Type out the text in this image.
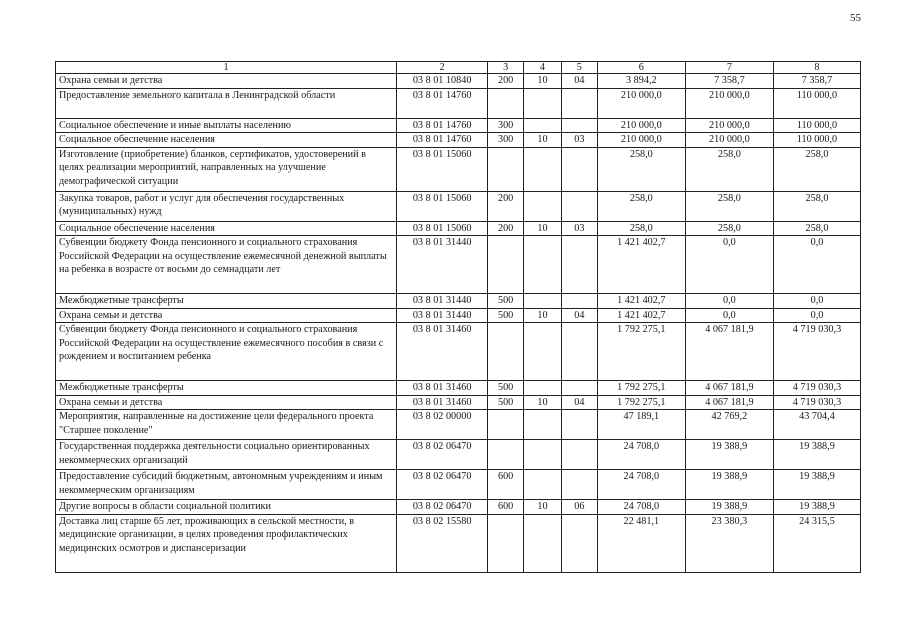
55
1	2	3	4	5	6	7	8
Охрана семьи и детства	03 8 01 10840	200	10	04	3 894,2	7 358,7	7 358,7
Предоставление земельного капитала в Ленинградской области	03 8 01 14760				210 000,0	210 000,0	110 000,0
Социальное обеспечение и иные выплаты населению	03 8 01 14760	300			210 000,0	210 000,0	110 000,0
Социальное обеспечение населения	03 8 01 14760	300	10	03	210 000,0	210 000,0	110 000,0
Изготовление (приобретение) бланков, сертификатов, удостоверений в целях реализации мероприятий, направленных на улучшение демографической ситуации	03 8 01 15060				258,0	258,0	258,0
Закупка товаров, работ и услуг для обеспечения государственных (муниципальных) нужд	03 8 01 15060	200			258,0	258,0	258,0
Социальное обеспечение населения	03 8 01 15060	200	10	03	258,0	258,0	258,0
Субвенции бюджету Фонда пенсионного и социального страхования Российской Федерации на осуществление ежемесячной денежной выплаты на ребенка в возрасте от восьми до семнадцати лет	03 8 01 31440				1 421 402,7	0,0	0,0
Межбюджетные трансферты	03 8 01 31440	500			1 421 402,7	0,0	0,0
Охрана семьи и детства	03 8 01 31440	500	10	04	1 421 402,7	0,0	0,0
Субвенции бюджету Фонда пенсионного и социального страхования Российской Федерации на осуществление ежемесячного пособия в связи с рождением и воспитанием ребенка	03 8 01 31460				1 792 275,1	4 067 181,9	4 719 030,3
Межбюджетные трансферты	03 8 01 31460	500			1 792 275,1	4 067 181,9	4 719 030,3
Охрана семьи и детства	03 8 01 31460	500	10	04	1 792 275,1	4 067 181,9	4 719 030,3
Мероприятия, направленные на достижение цели федерального проекта "Старшее поколение"	03 8 02 00000				47 189,1	42 769,2	43 704,4
Государственная поддержка деятельности социально ориентированных некоммерческих организаций	03 8 02 06470				24 708,0	19 388,9	19 388,9
Предоставление субсидий бюджетным, автономным учреждениям и иным некоммерческим организациям	03 8 02 06470	600			24 708,0	19 388,9	19 388,9
Другие вопросы в области социальной политики	03 8 02 06470	600	10	06	24 708,0	19 388,9	19 388,9
Доставка лиц старше 65 лет, проживающих в сельской местности, в медицинские организации, в целях проведения профилактических медицинских осмотров и диспансеризации	03 8 02 15580				22 481,1	23 380,3	24 315,5
